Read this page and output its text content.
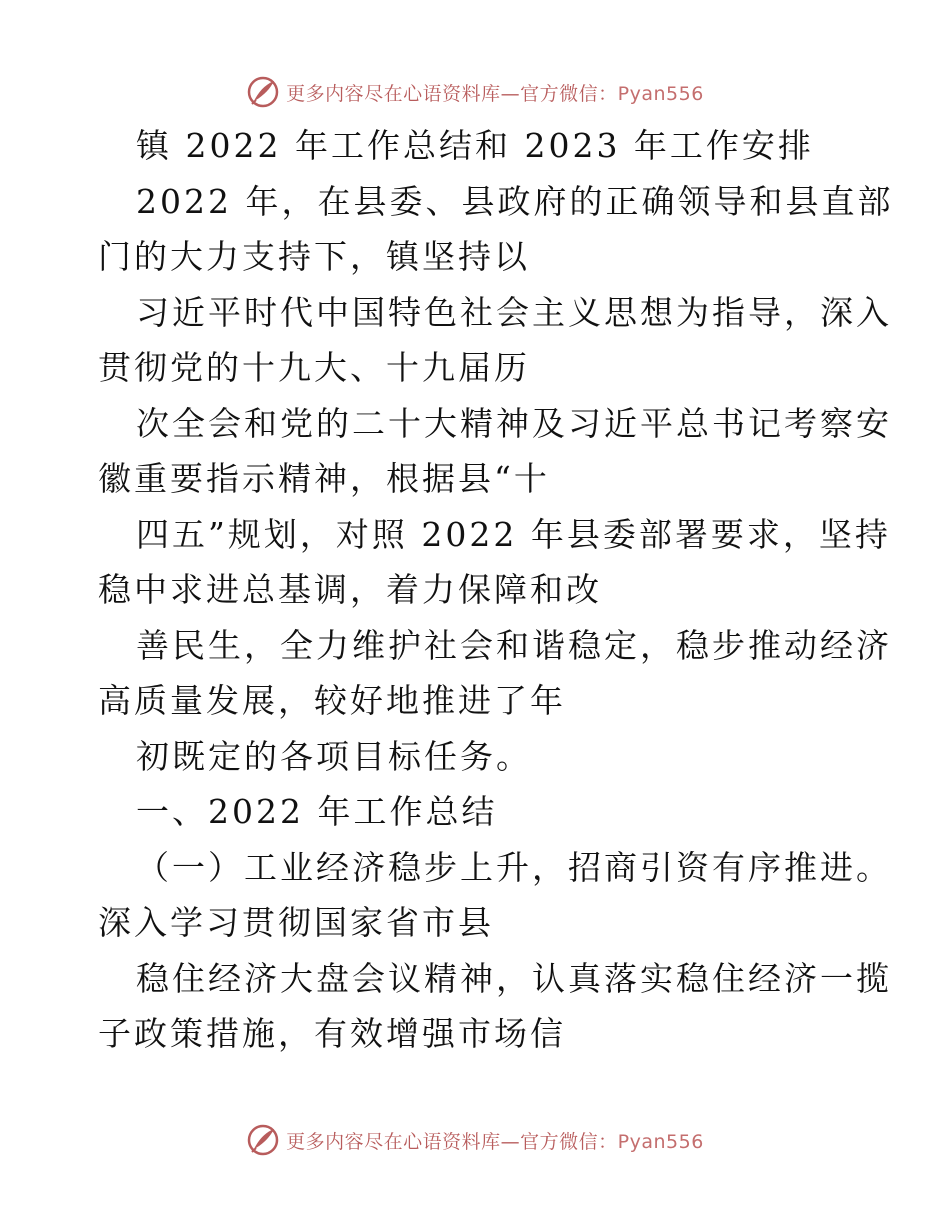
更多内容尽在心语资料库—官方微信：Pyan556
镇 2022 年工作总结和 2023 年工作安排
2022 年，在县委、县政府的正确领导和县直部
门的大力支持下，镇坚持以
习近平时代中国特色社会主义思想为指导，深入
贯彻党的十九大、十九届历
次全会和党的二十大精神及习近平总书记考察安
徽重要指示精神，根据县“十
四五”规划，对照 2022 年县委部署要求，坚持
稳中求进总基调，着力保障和改
善民生，全力维护社会和谐稳定，稳步推动经济
高质量发展，较好地推进了年
初既定的各项目标任务。
一、2022 年工作总结
（一）工业经济稳步上升，招商引资有序推进。
深入学习贯彻国家省市县
稳住经济大盘会议精神，认真落实稳住经济一揽
子政策措施，有效增强市场信
更多内容尽在心语资料库—官方微信：Pyan556
